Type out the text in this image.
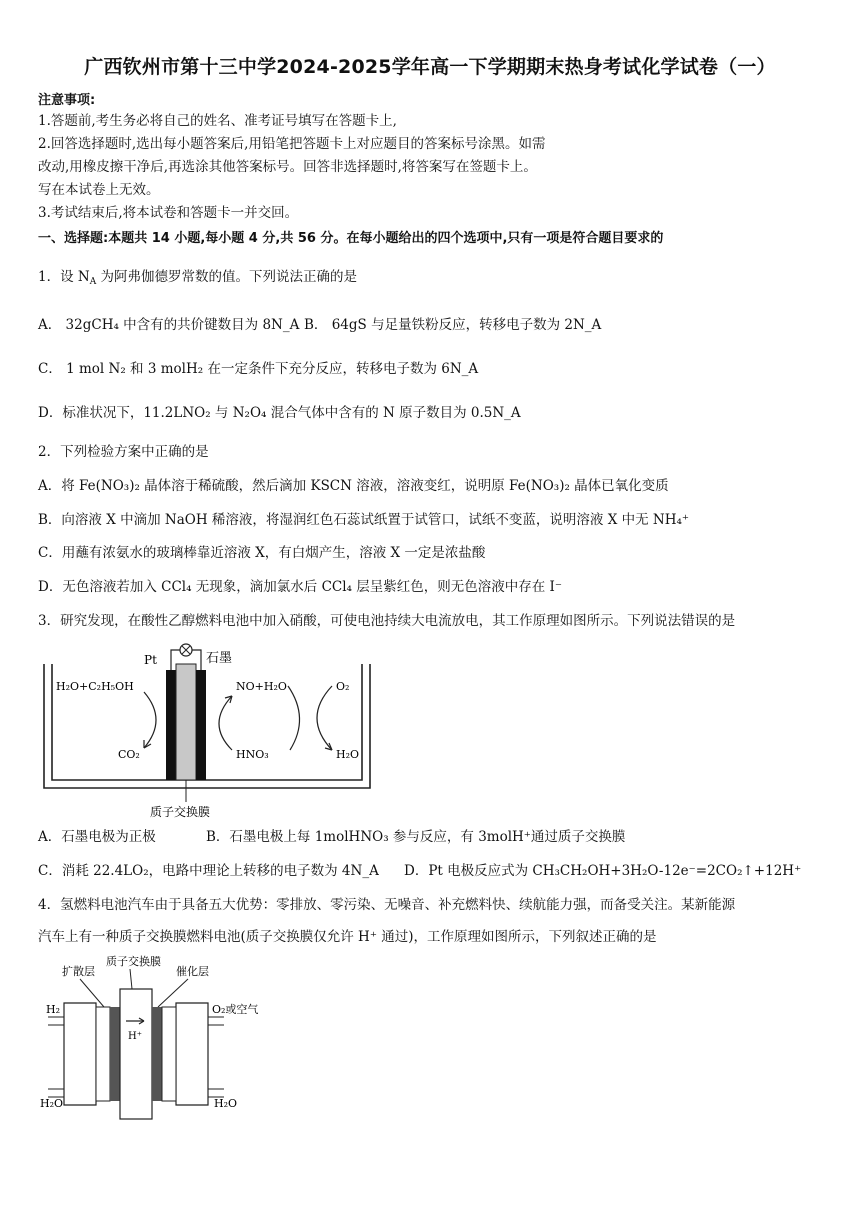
广西钦州市第十三中学2024-2025学年高一下学期期末热身考试化学试卷（一）
注意事项:
1.答题前,考生务必将自己的姓名、准考证号填写在答题卡上,
2.回答选择题时,选出每小题答案后,用铅笔把答题卡上对应题目的答案标号涂黑。如需
改动,用橡皮擦干净后,再选涂其他答案标号。回答非选择题时,将答案写在签题卡上。
写在本试卷上无效。
3.考试结束后,将本试卷和答题卡一并交回。
一、选择题:本题共 14 小题,每小题 4 分,共 56 分。在每小题给出的四个选项中,只有一项是符合题目要求的
1．设 $N_A$ 为阿弗伽德罗常数的值。下列说法正确的是
A． 32gCH₄ 中含有的共价键数目为 8N_A B． 64gS 与足量铁粉反应，转移电子数为 2N_A
C． 1 mol N₂ 和 3 molH₂ 在一定条件下充分反应，转移电子数为 6N_A
D．标准状况下，11.2LNO₂ 与 N₂O₄ 混合气体中含有的 N 原子数目为 0.5N_A
2．下列检验方案中正确的是
A．将 Fe(NO₃)₂ 晶体溶于稀硫酸，然后滴加 KSCN 溶液，溶液变红，说明原 Fe(NO₃)₂ 晶体已氧化变质
B．向溶液 X 中滴加 NaOH 稀溶液，将湿润红色石蕊试纸置于试管口，试纸不变蓝，说明溶液 X 中无 NH₄⁺
C．用蘸有浓氨水的玻璃棒靠近溶液 X，有白烟产生，溶液 X 一定是浓盐酸
D．无色溶液若加入 CCl₄ 无现象，滴加氯水后 CCl₄ 层呈紫红色，则无色溶液中存在 I⁻
3．研究发现，在酸性乙醇燃料电池中加入硝酸，可使电池持续大电流放电，其工作原理如图所示。下列说法错误的是
Pt	石墨
H₂O+C₂H₅OH
CO₂
NO+H₂O
HNO₃
O₂
H₂O
质子交换膜
A．石墨电极为正极	B．石墨电极上每 1molHNO₃ 参与反应，有 3molH⁺通过质子交换膜
C．消耗 22.4LO₂，电路中理论上转移的电子数为 4N_A D．Pt 电极反应式为 CH₃CH₂OH+3H₂O-12e⁻=2CO₂↑+12H⁺
4．氢燃料电池汽车由于具备五大优势：零排放、零污染、无噪音、补充燃料快、续航能力强，而备受关注。某新能源
汽车上有一种质子交换膜燃料电池(质子交换膜仅允许 H⁺ 通过)，工作原理如图所示，下列叙述正确的是
扩散层
质子交换膜
催化层
H₂
H₂O
O₂或空气
H₂O
H⁺
